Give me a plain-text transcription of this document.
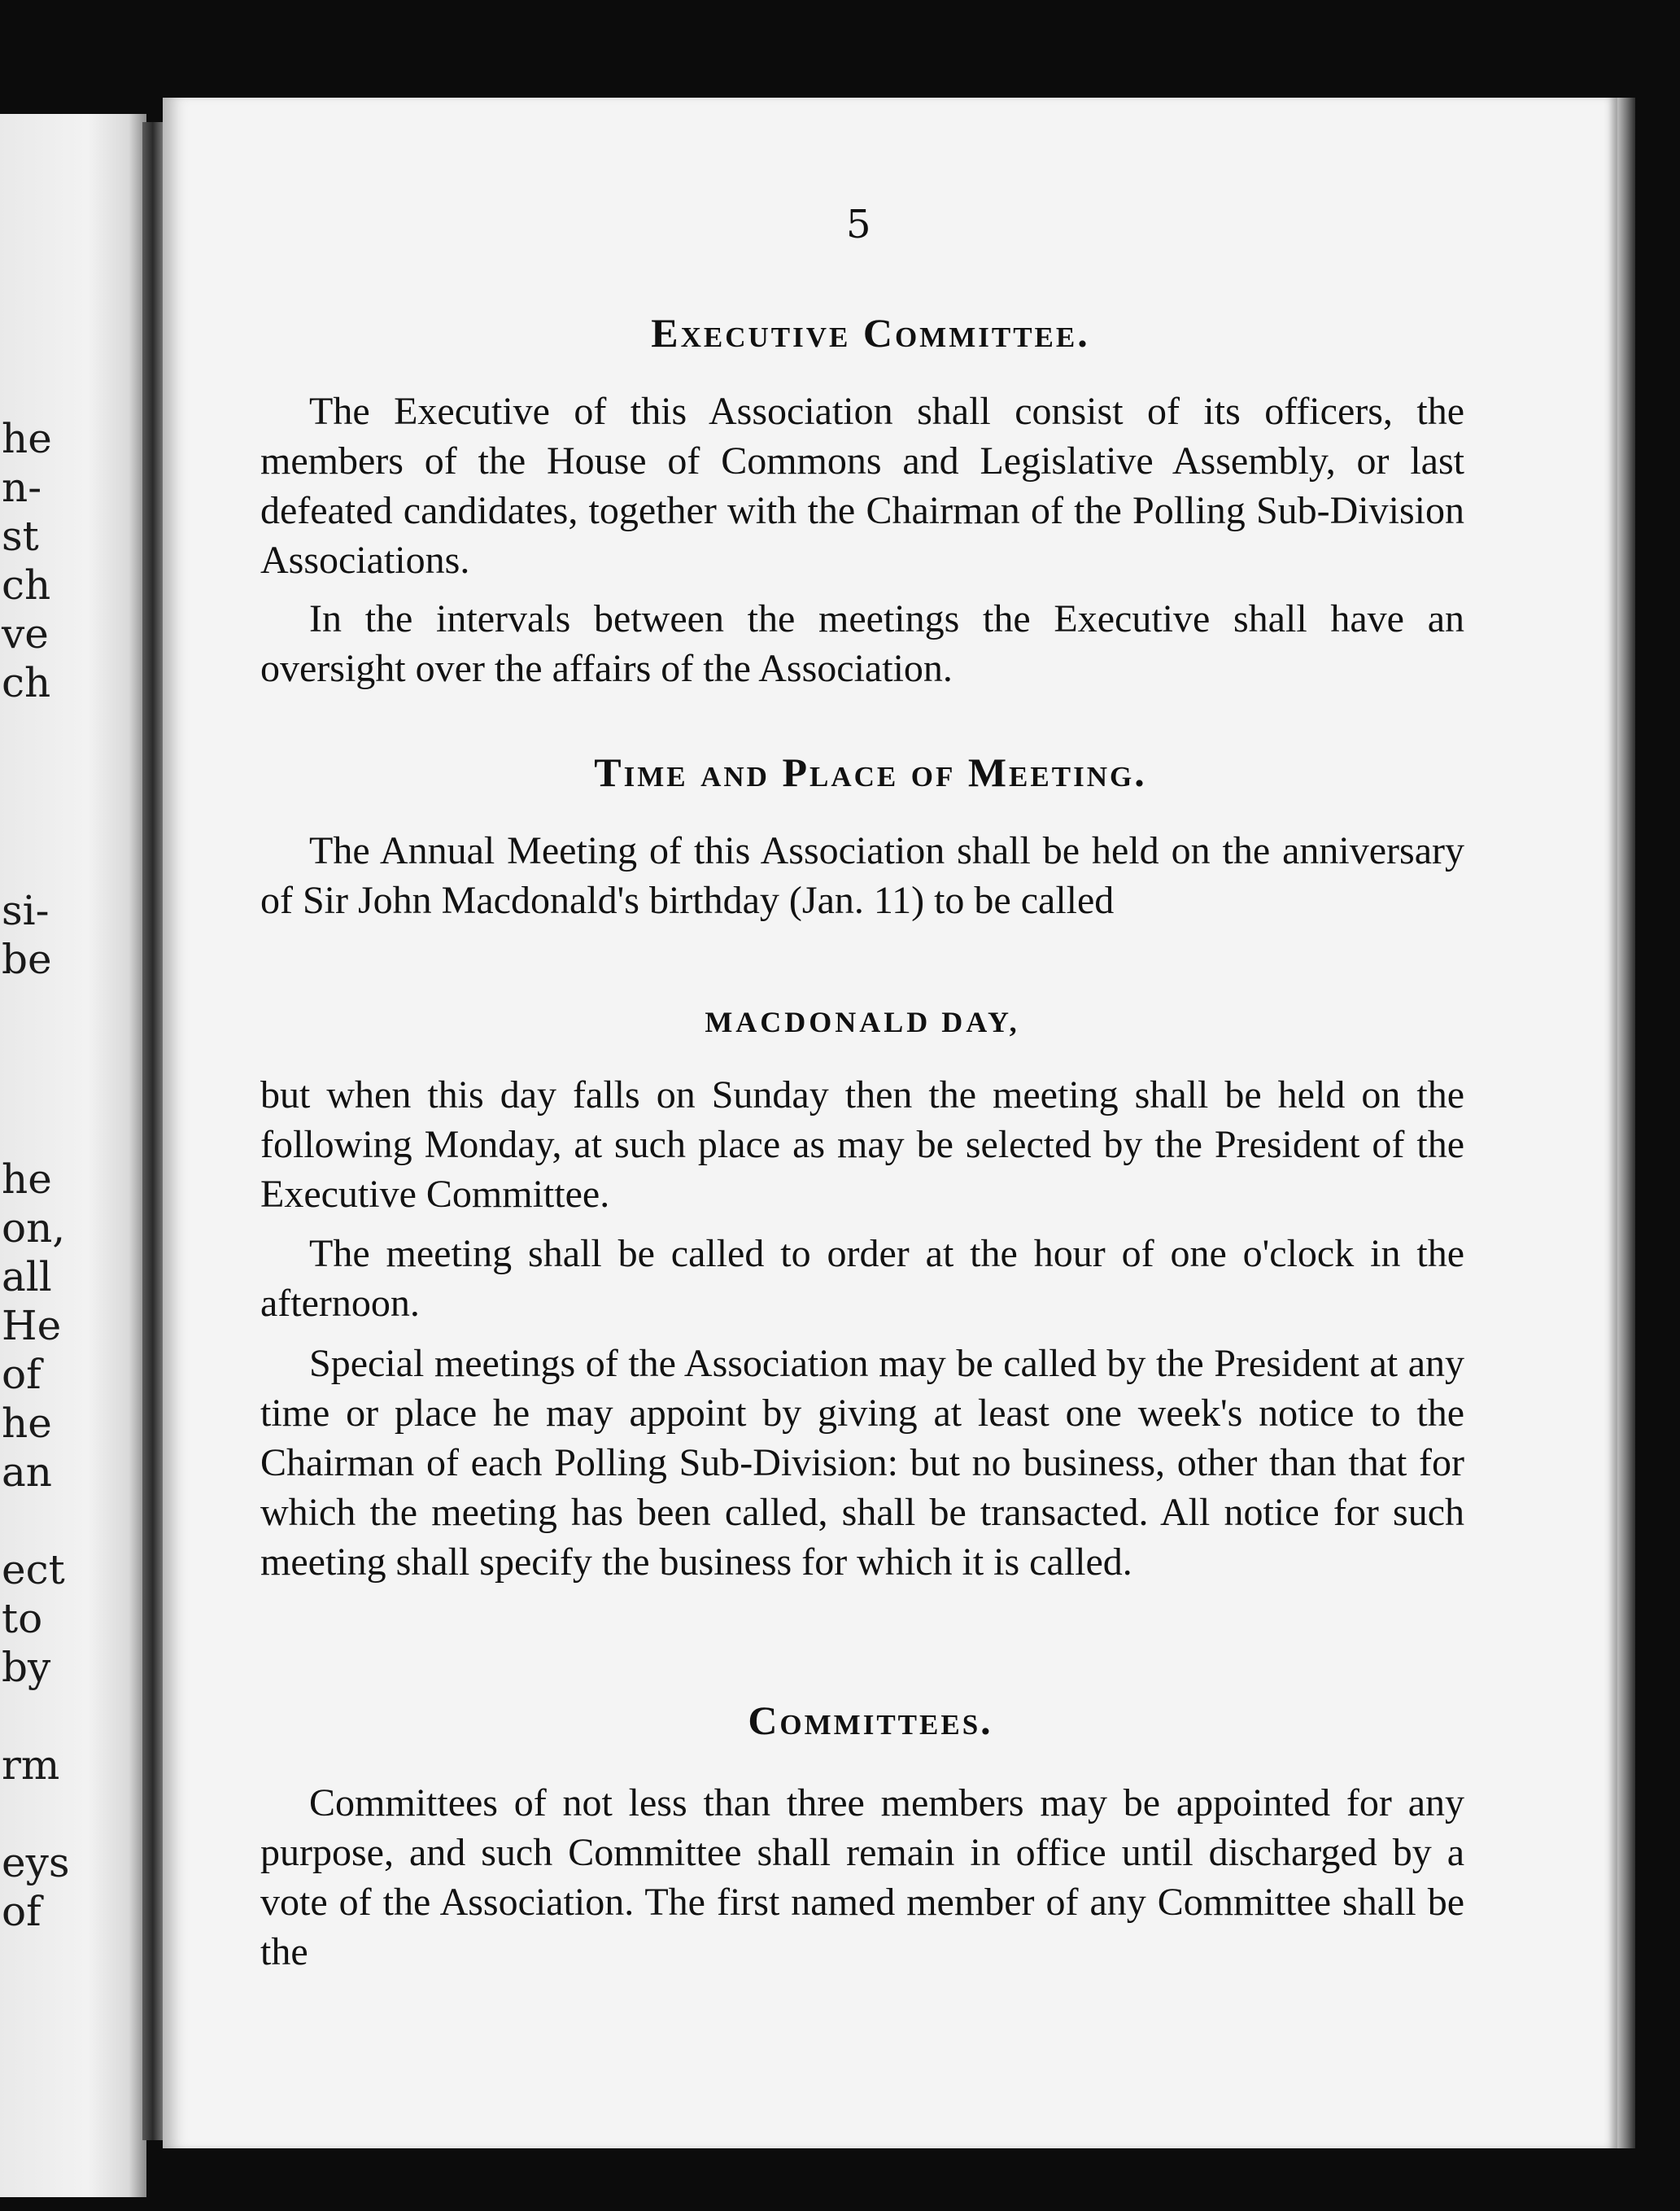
he
n-
st
ch
ve
ch
si-
be
he
on,
all
He
of
he
an
ect
to
by
rm
eys
of
5
Executive Committee.
The Executive of this Association shall consist of its officers, the members of the House of Commons and Legislative Assembly, or last defeated candidates, together with the Chairman of the Polling Sub-Division Associations.
In the intervals between the meetings the Executive shall have an oversight over the affairs of the Association.
Time and Place of Meeting.
The Annual Meeting of this Association shall be held on the anniversary of Sir John Macdonald's birthday (Jan. 11) to be called
MACDONALD DAY,
but when this day falls on Sunday then the meeting shall be held on the following Monday, at such place as may be selected by the President of the Executive Committee.
The meeting shall be called to order at the hour of one o'clock in the afternoon.
Special meetings of the Association may be called by the President at any time or place he may appoint by giving at least one week's notice to the Chairman of each Polling Sub-Division: but no business, other than that for which the meeting has been called, shall be transacted. All notice for such meeting shall specify the business for which it is called.
Committees.
Committees of not less than three members may be appointed for any purpose, and such Committee shall remain in office until discharged by a vote of the Association. The first named member of any Committee shall be the
